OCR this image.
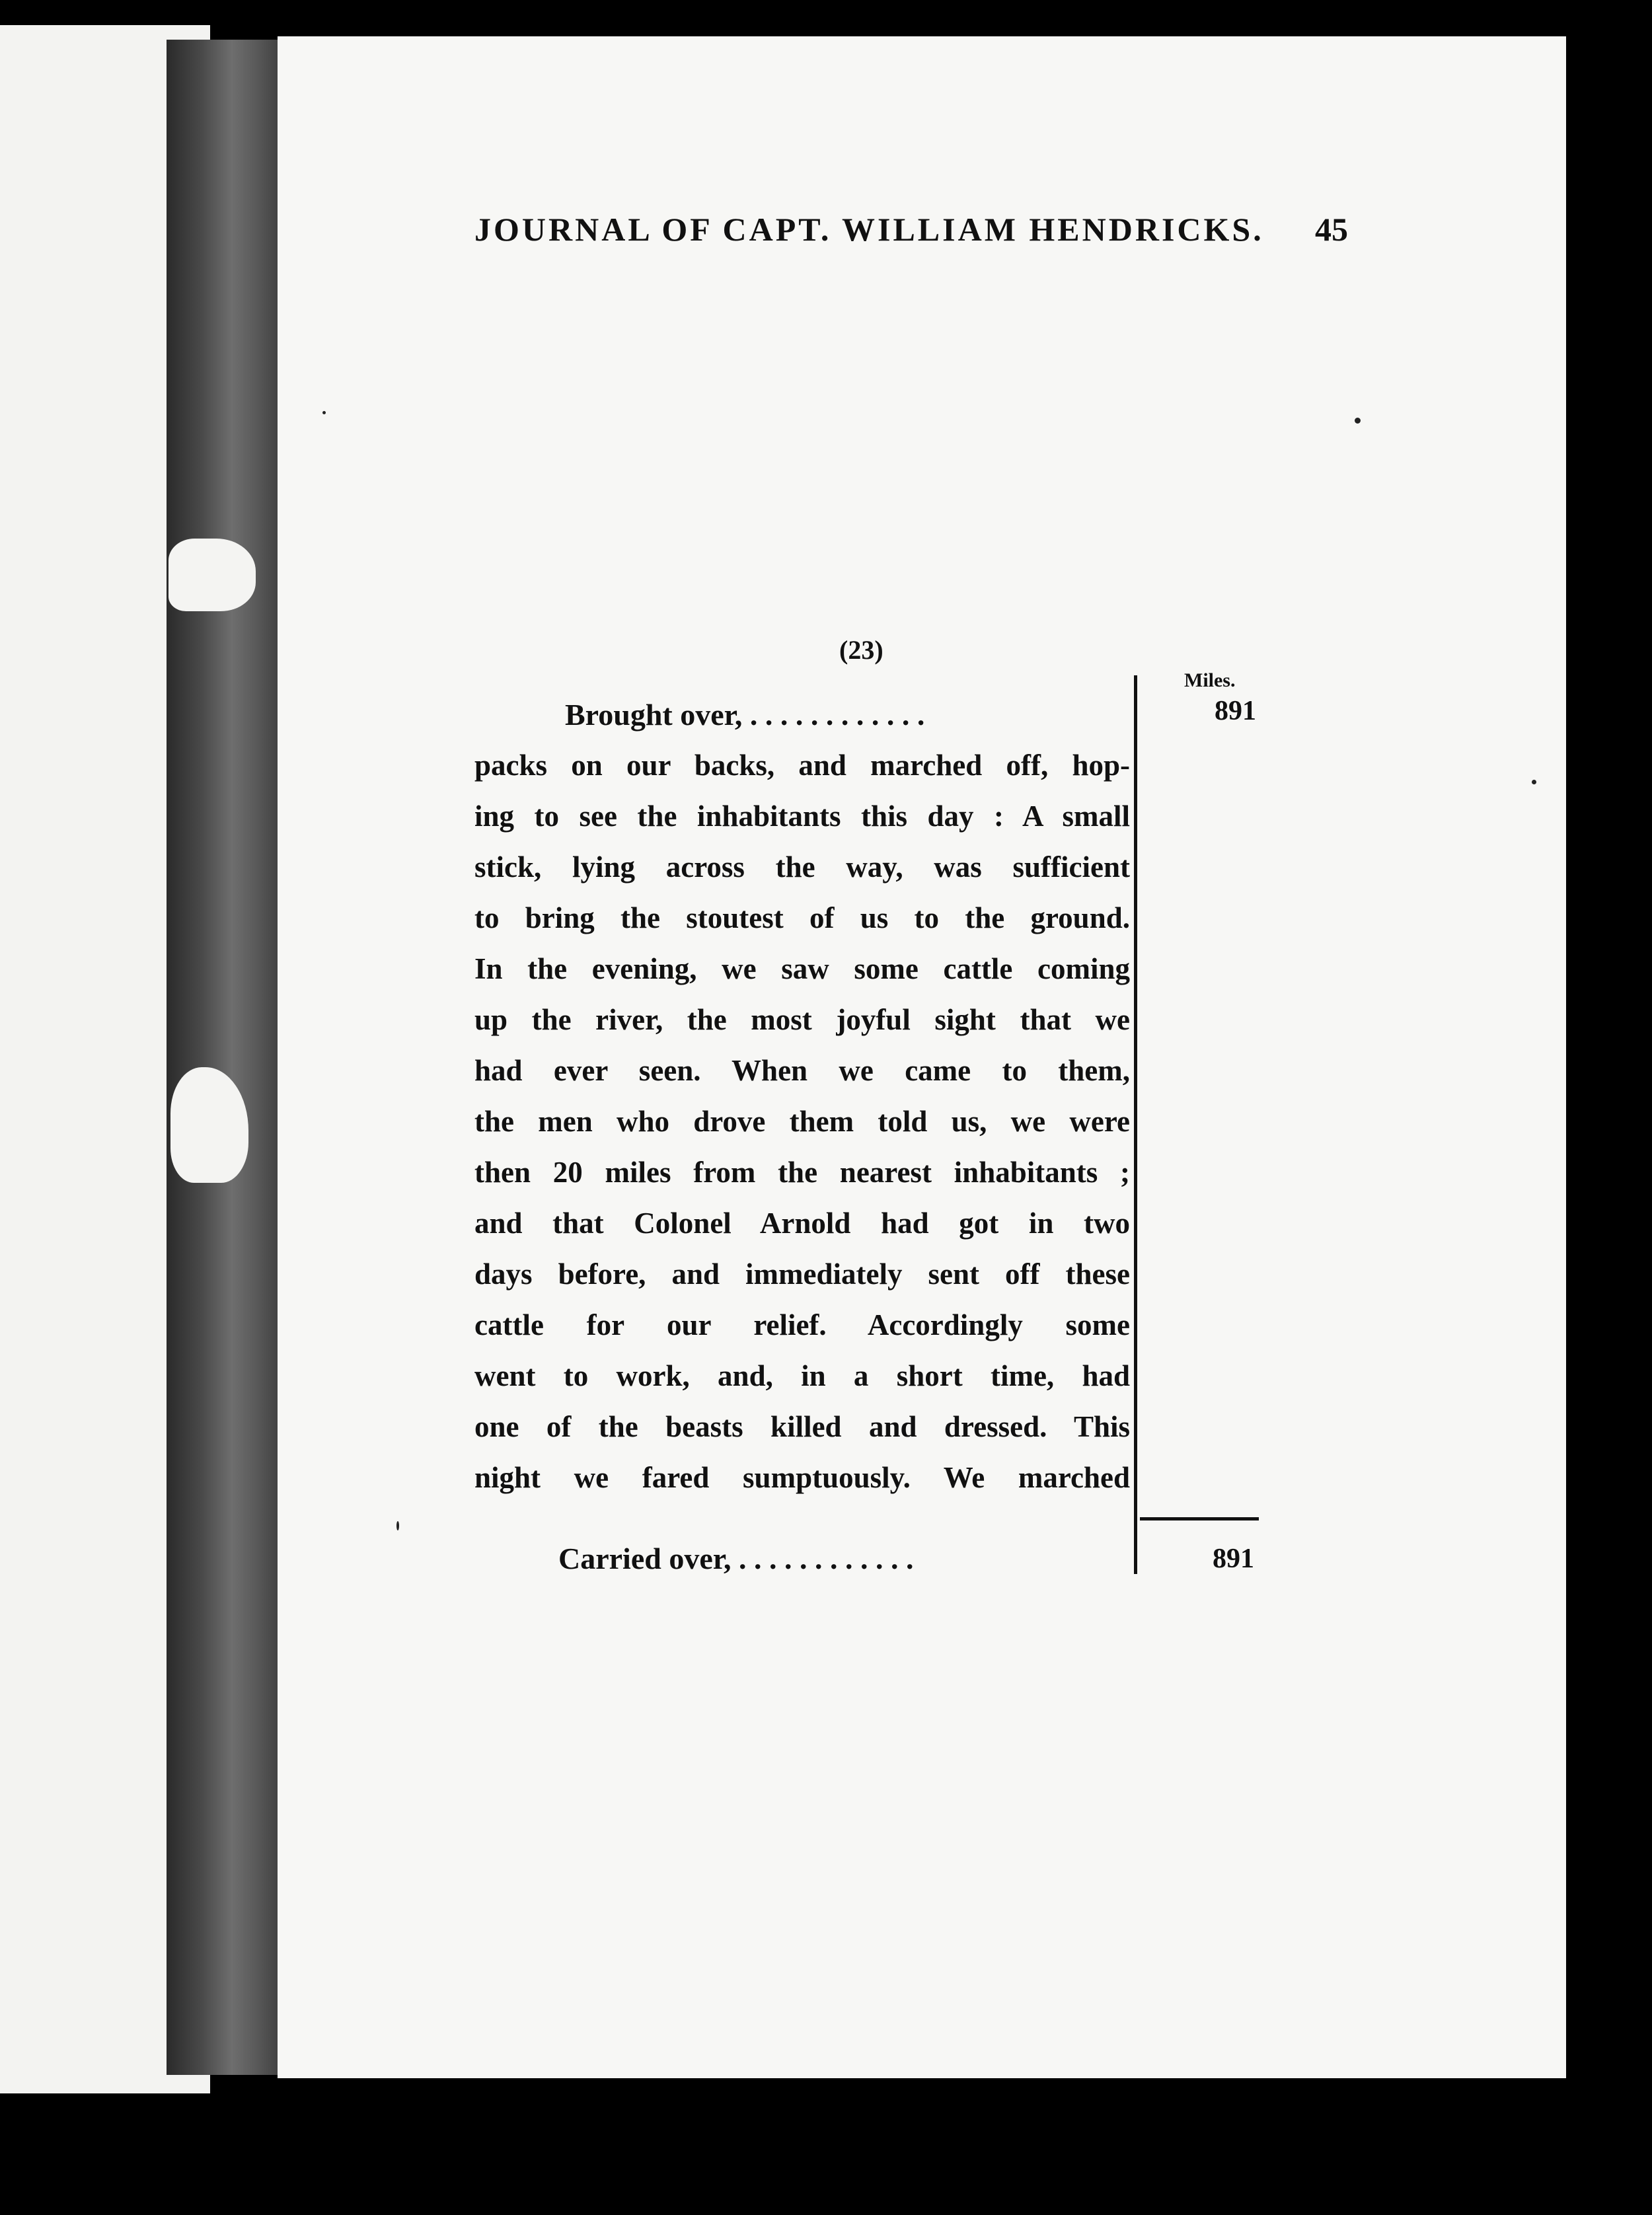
JOURNAL OF CAPT. WILLIAM HENDRICKS. 45
(23)
Miles.
Brought over, . . . . . . . . . . . .	891
packs on our backs, and marched off, hop-
ing to see the inhabitants this day : A small
stick, lying across the way, was sufficient
to bring the stoutest of us to the ground.
In the evening, we saw some cattle coming
up the river, the most joyful sight that we
had ever seen. When we came to them,
the men who drove them told us, we were
then 20 miles from the nearest inhabitants ;
and that Colonel Arnold had got in two
days before, and immediately sent off these
cattle for our relief. Accordingly some
went to work, and, in a short time, had
one of the beasts killed and dressed. This
night we fared sumptuously. We marched
Carried over, . . . . . . . . . . . .	891
